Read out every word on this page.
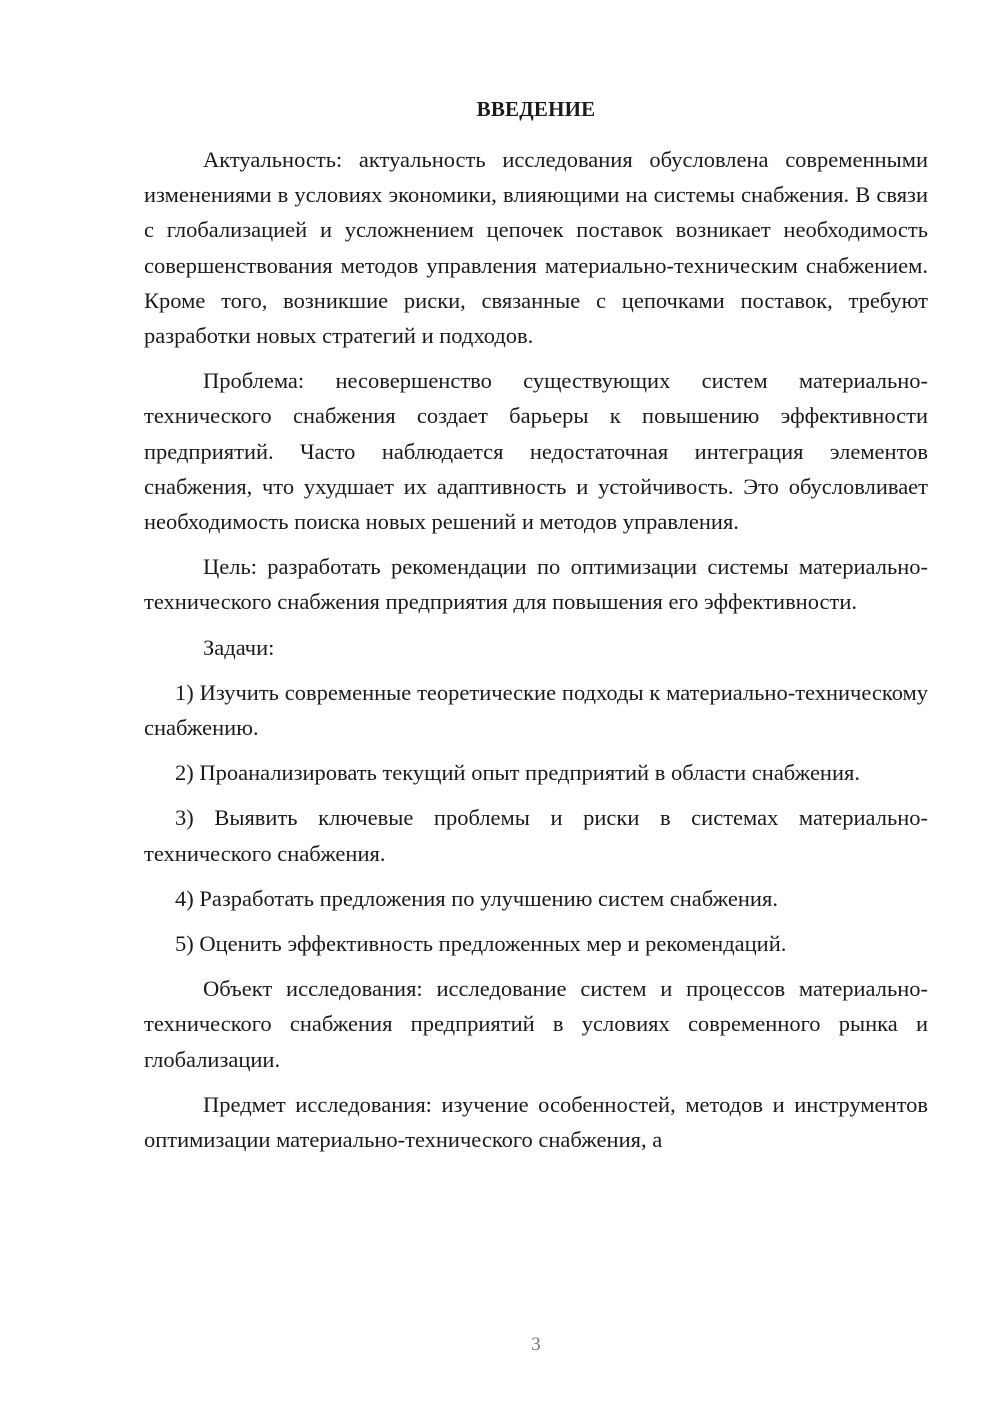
ВВЕДЕНИЕ

Актуальность: актуальность исследования обусловлена современными изменениями в условиях экономики, влияющими на системы снабжения. В связи с глобализацией и усложнением цепочек поставок возникает необходимость совершенствования методов управления материально-техническим снабжением. Кроме того, возникшие риски, связанные с цепочками поставок, требуют разработки новых стратегий и подходов.

Проблема: несовершенство существующих систем материально-технического снабжения создает барьеры к повышению эффективности предприятий. Часто наблюдается недостаточная интеграция элементов снабжения, что ухудшает их адаптивность и устойчивость. Это обусловливает необходимость поиска новых решений и методов управления.

Цель: разработать рекомендации по оптимизации системы материально-технического снабжения предприятия для повышения его эффективности.

Задачи:

1) Изучить современные теоретические подходы к материально-техническому снабжению.

2) Проанализировать текущий опыт предприятий в области снабжения.

3) Выявить ключевые проблемы и риски в системах материально-технического снабжения.

4) Разработать предложения по улучшению систем снабжения.

5) Оценить эффективность предложенных мер и рекомендаций.

Объект исследования: исследование систем и процессов материально-технического снабжения предприятий в условиях современного рынка и глобализации.

Предмет исследования: изучение особенностей, методов и инструментов оптимизации материально-технического снабжения, а

3
